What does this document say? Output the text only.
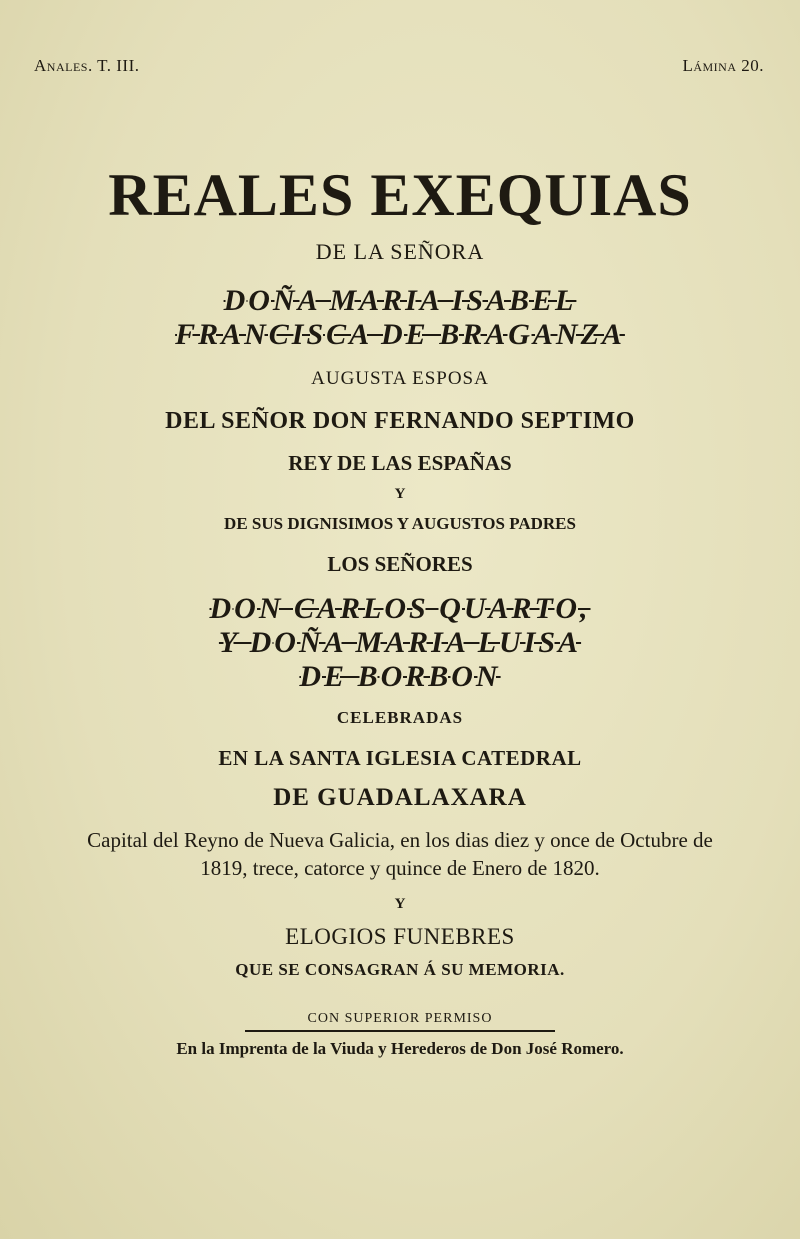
Anales. T. III.	Lámina 20.
REALES EXEQUIAS
DE LA SEÑORA
DOÑA MARIA ISABEL
FRANCISCA DE BRAGANZA
AUGUSTA ESPOSA
DEL SEÑOR DON FERNANDO SEPTIMO
REY DE LAS ESPAÑAS
Y
DE SUS DIGNISIMOS Y AUGUSTOS PADRES
LOS SEÑORES
DON CARLOS QUARTO,
Y DOÑA MARIA LUISA
DE BORBON
CELEBRADAS
EN LA SANTA IGLESIA CATEDRAL
DE GUADALAXARA
Capital del Reyno de Nueva Galicia, en los dias diez y once de Octubre de 1819, trece, catorce y quince de Enero de 1820.
Y
ELOGIOS FUNEBRES
QUE SE CONSAGRAN Á SU MEMORIA.
CON SUPERIOR PERMISO
En la Imprenta de la Viuda y Herederos de Don José Romero.
